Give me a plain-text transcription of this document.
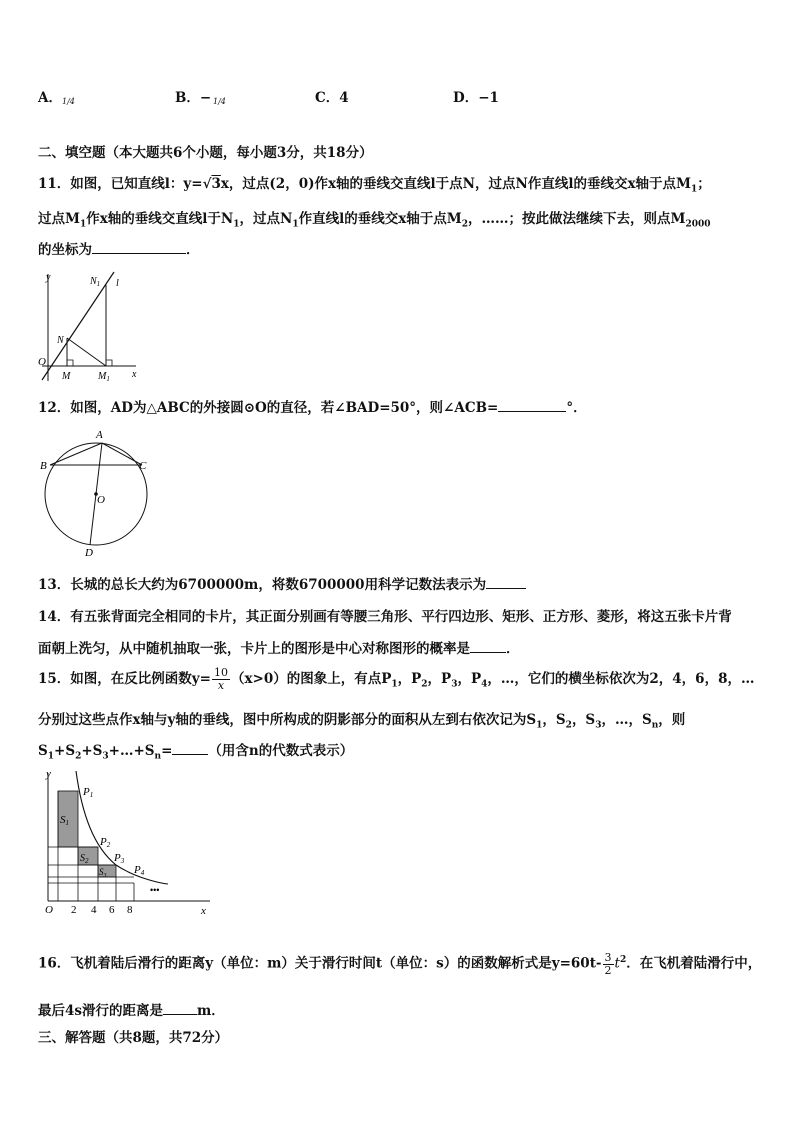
A． 1/4	B．− 1/4	C．4	D．−1
二、填空题（本大题共6个小题，每小题3分，共18分）
11．如图，已知直线l：y=√3x，过点(2，0)作x轴的垂线交直线l于点N，过点N作直线l的垂线交x轴于点$M_1$；
过点$M_1$作x轴的垂线交直线l于$N_1$，过点$N_1$作直线l的垂线交x轴于点$M_2$，……；按此做法继续下去，则点$M_{2000}$
的坐标为	．
y
x
O
N
$N_1$ l
M	$M_1$
12．如图，AD为△ABC的外接圆⊙O的直径，若∠BAD=50°，则∠ACB=	°．
A
B	C
O
D
13．长城的总长大约为6700000m，将数6700000用科学记数法表示为
14．有五张背面完全相同的卡片，其正面分别画有等腰三角形、平行四边形、矩形、正方形、菱形，将这五张卡片背
面朝上洗匀，从中随机抽取一张，卡片上的图形是中心对称图形的概率是	．
15．如图，在反比例函数$y= \frac{10}{x} (x>0)$的图象上，有点$P_1$，$P_2$，$P_3$，$P_4$，…，它们的横坐标依次为2，4，6，8，…
分别过这些点作x轴与y轴的垂线，图中所构成的阴影部分的面积从左到右依次记为$S_1$，$S_2$，$S_3$，…，$S_n$，则
$S_1+S_2+S_3+\dots+S_n=$	（用含n的代数式表示）
y
x
O 2 4 6 8
P1
P2
P3
P4
S1
$S_2$
$S_3$
•••
16．飞机着陆后滑行的距离y（单位：m）关于滑行时间t（单位：s）的函数解析式是$y=60t- \frac{3}{2} t^2$．在飞机着陆滑行中，
最后4s滑行的距离是	m．
三、解答题（共8题，共72分）
